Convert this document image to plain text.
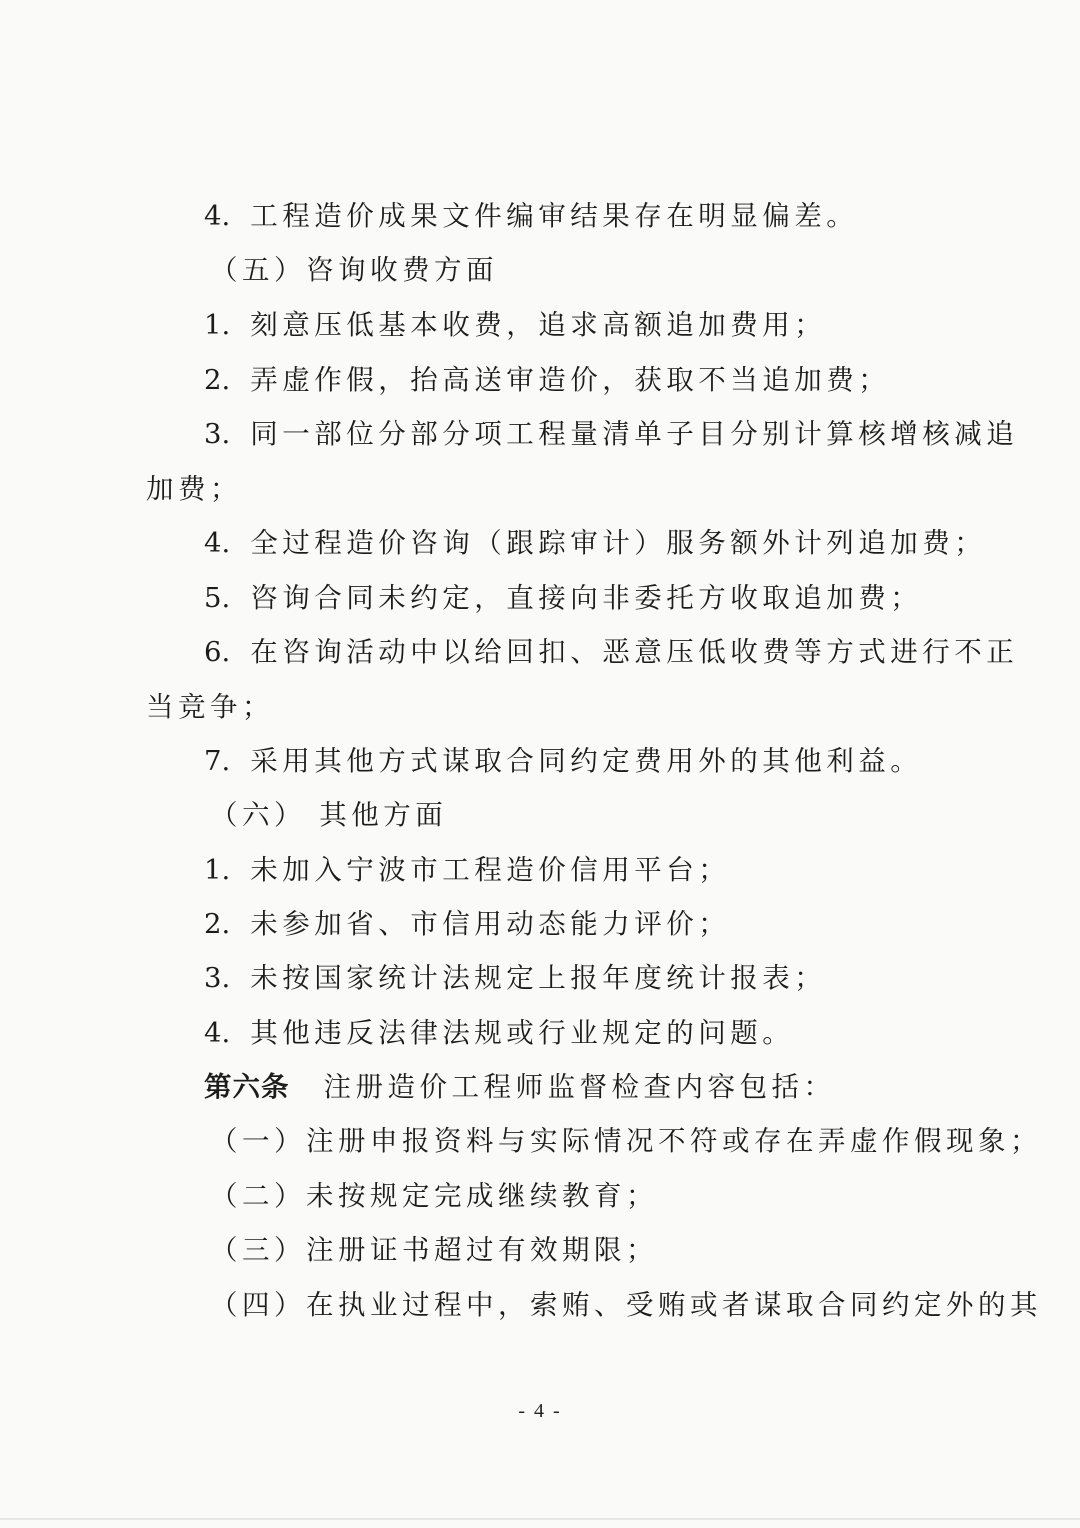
4. 工程造价成果文件编审结果存在明显偏差。
（五）咨询收费方面
1. 刻意压低基本收费，追求高额追加费用；
2. 弄虚作假，抬高送审造价，获取不当追加费；
3. 同一部位分部分项工程量清单子目分别计算核增核减追
加费；
4. 全过程造价咨询（跟踪审计）服务额外计列追加费；
5. 咨询合同未约定，直接向非委托方收取追加费；
6. 在咨询活动中以给回扣、恶意压低收费等方式进行不正
当竞争；
7. 采用其他方式谋取合同约定费用外的其他利益。
（六） 其他方面
1. 未加入宁波市工程造价信用平台；
2. 未参加省、市信用动态能力评价；
3. 未按国家统计法规定上报年度统计报表；
4. 其他违反法律法规或行业规定的问题。
第六条 注册造价工程师监督检查内容包括：
（一）注册申报资料与实际情况不符或存在弄虚作假现象；
（二）未按规定完成继续教育；
（三）注册证书超过有效期限；
（四）在执业过程中，索贿、受贿或者谋取合同约定外的其
- 4 -
